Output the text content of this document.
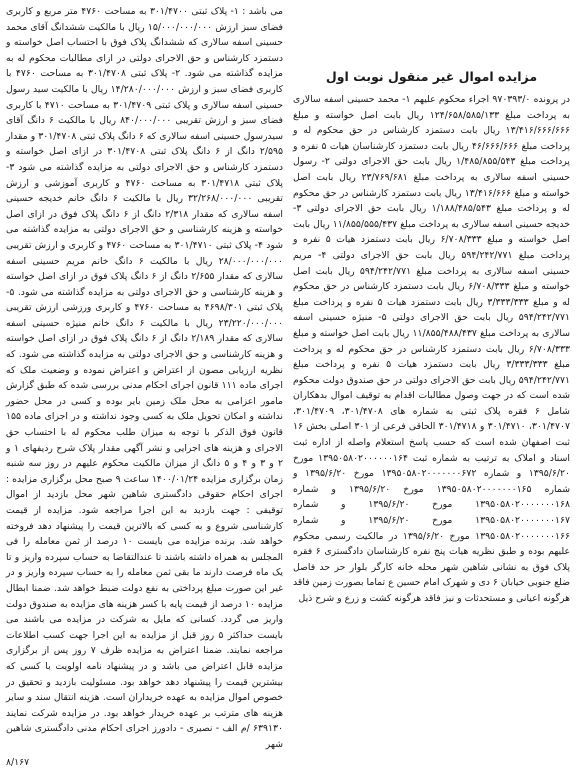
مزایده اموال غیر منقول نوبت اول

در پرونده ۹۷۰۳۹۳/۰ اجراء محکوم علیهم ۱- محمد حسینی اسفه سالاری به پرداخت مبلغ ۱۲۴/۶۵۸/۵۸۵/۱۳۳ ریال بابت اصل خواسته و مبلغ ۱۳/۴۱۶/۶۶۶/۶۶۶ ریال بابت دستمزد کارشناس در حق محکوم له و پرداخت مبلغ ۴۶/۶۶۶/۶۶۶ ریال بابت دستمزد کارشناسان هیات ۵ نفره و پرداخت مبلغ ۱/۴۸۵/۸۵۵/۵۴۳ ریال بابت حق الاجرای دولتی ۲- رسول حسینی اسفه سالاری به پرداخت مبلغ ۲۳/۷۶۹/۶۸۱ ریال بابت اصل خواسته و مبلغ ۱۳/۴۱۶/۶۶۶ ریال بابت دستمزد کارشناس در حق محکوم له و پرداخت مبلغ ۱/۱۸۸/۴۸۵/۵۴۳ ریال بابت حق الاجرای دولتی ۳- خدیجه حسینی اسفه سالاری به پرداخت مبلغ ۱۱/۸۵۵/۵۵۵/۴۳۷ ریال بابت اصل خواسته و مبلغ ۶/۷۰۸/۳۳۳ ریال بابت دستمزد هیات ۵ نفره و پرداخت مبلغ ۵۹۴/۲۴۲/۷۷۱ ریال بابت حق الاجرای دولتی ۴- مریم حسینی اسفه سالاری به پرداخت مبلغ ۵۹۴/۲۴۲/۷۷۱ ریال بابت اصل خواسته و مبلغ ۶/۷۰۸/۳۳۳ ریال بابت دستمزد کارشناس در حق محکوم له و مبلغ ۳/۳۳۳/۳۳۳ ریال بابت دستمزد هیات ۵ نفره و پرداخت مبلغ ۵۹۴/۲۴۲/۷۷۱ ریال بابت حق الاجرای دولتی ۵- منیژه حسینی اسفه سالاری به پرداخت مبلغ ۱۱/۸۵۵/۴۸۸/۴۳۷ ریال بابت اصل خواسته و مبلغ ۶/۷۰۸/۳۳۳ ریال بابت دستمزد کارشناس در حق محکوم له و پرداخت مبلغ ۳/۳۳۳/۳۳۳ ریال بابت دستمزد هیات ۵ نفره و پرداخت مبلغ ۵۹۴/۲۴۲/۷۷۱ ریال بابت حق الاجرای دولتی در حق صندوق دولت محکوم شده است که در جهت وصول مطالبات اقدام به توقیف اموال بدهکاران شامل ۶ فقره پلاک ثبتی به شماره های ۳۰۱/۴۷۰۸، ۳۰۱/۴۷۰۹، ۳۰۱/۴۷۰۷، ۳۰۱/۴۷۱۰ و ۳۰۱/۴۷۱۸ الحاقی فرعی از ۳۰۱ اصلی بخش ۱۶ ثبت اصفهان شده است که حسب پاسخ استعلام واصله از اداره ثبت اسناد و املاک به ترتیب به شماره ثبت ۱۳۹۵۰۵۸۰۲۰۰۰۰۰۰۱۶۴ مورخ ۱۳۹۵/۶/۲۰ و شماره ۱۳۹۵۰۵۸۰۲۰۰۰۰۰۰۰۶۷۲ مورخ ۱۳۹۵/۶/۲۰ و شماره ۱۳۹۵۰۵۸۰۲۰۰۰۰۰۰۰۱۶۵ مورخ ۱۳۹۵/۶/۲۰ و شماره ۱۳۹۵۰۵۸۰۲۰۰۰۰۰۰۰۱۶۸ مورخ ۱۳۹۵/۶/۲۰ و شماره ۱۳۹۵۰۵۸۰۲۰۰۰۰۰۰۰۱۶۷ مورخ ۱۳۹۵/۶/۲۰ و شماره ۱۳۹۵۰۵۸۰۲۰۰۰۰۰۰۰۱۶۶ مورخ ۱۳۹۵/۶/۲۰ در مالکیت رسمی محکوم علیهم بوده و طبق نظریه هیات پنج نفره کارشناسان دادگستری ۶ فقره پلاک فوق به نشانی شاهین شهر محله خانه کارگر بلوار حر حد فاصل ضلع جنوبی خیابان ۶ دی و شهرک امام حسین ع تماما بصورت زمین فاقد هرگونه اعیانی و مستحدثات و نیز فاقد هرگونه کشت و زرع و شرح ذیل

می باشد : ۱- پلاک ثبتی ۳۰۱/۴۷۰۰ به مساحت ۴۷۶۰ متر مربع و کاربری فضای سبز ارزش ۱۵/۰۰۰/۰۰۰/۰۰۰ ریال با مالکیت ششدانگ آقای محمد حسینی اسفه سالاری که ششدانگ پلاک فوق با احتساب اصل خواسته و دستمزد کارشناس و حق الاجرای دولتی در ازای مطالبات محکوم له به مزایده گذاشته می شود. ۲- پلاک ثبتی ۳۰۱/۴۷۰۸ به مساحت ۴۷۶۰ با کاربری فضای سبز و ارزش ۱۴/۲۸۰/۰۰۰/۰۰۰ ریال با مالکیت سید رسول حسینی اسفه سالاری و پلاک ثبتی ۳۰۱/۴۷۰۹ به مساحت ۴۷۱۰ با کاربری فضای سبز و ارزش تقریبی ۸۴۰/۰۰۰/۰۰۰ ریال با مالکیت ۶ دانگ آقای سیدرسول حسینی اسفه سالاری که ۶ دانگ پلاک ثبتی ۳۰۱/۴۷۰۸ و مقدار ۲/۵۹۵ دانگ از ۶ دانگ پلاک ثبتی ۳۰۱/۴۷۰۸ در ازای اصل خواسته و دستمزد کارشناس و حق الاجرای دولتی به مزایده گذاشته می شود ۳- پلاک ثبتی ۳۰۱/۴۷۱۸ به مساحت ۴۷۶۰ و کاربری آموزشی و ارزش تقریبی ۳۲/۲۶۸/۰۰۰/۰۰۰ ریال با مالکیت ۶ دانگ خانم خدیجه حسینی اسفه سالاری که مقدار ۲/۳۱۸ دانگ از ۶ دانگ پلاک فوق در ازای اصل خواسته و هزینه کارشناسی و حق الاجرای دولتی به مزایده گذاشته می شود ۴- پلاک ثبتی ۳۰۱/۴۷۱۰ به مساحت ۴۷۶۰ و کاربری و ارزش تقریبی ۲۸/۰۰۰/۰۰۰/۰۰۰ ریال با مالکیت ۶ دانگ خانم مریم حسینی اسفه سالاری که مقدار ۲/۶۵۵ دانگ از ۶ دانگ پلاک فوق در ازای اصل خواسته و هزینه کارشناسی و حق الاجرای دولتی به مزایده گذاشته می شود. ۵- پلاک ثبتی ۴۶۹۸/۳۰۱ به مساحت ۴۷۶۰ و کاربری ورزشی ارزش تقریبی ۲۳/۲۲۰/۰۰۰/۰۰۰ ریال با مالکیت ۶ دانگ خانم منیژه حسینی اسفه سالاری که مقدار ۲/۱۸۹ دانگ از ۶ دانگ پلاک فوق در ازای اصل خواسته و هزینه کارشناسی و حق الاجرای دولتی به مزایده گذاشته می شود. که نظریه ارزیابی مصون از اعتراض و اعتراض نموده و وضعیت ملک که اجرای ماده ۱۱۱ قانون اجرای احکام مدنی بررسی شده که طبق گزارش مامور اعزامی به محل ملک زمین بایر بوده و کسی در محل حضور نداشته و امکان تحویل ملک به کسی وجود نداشته و در اجرای ماده ۱۵۵ قانون فوق الذکر با توجه به میزان طلب محکوم له با احتساب حق الاجرای و هزینه های اجرایی و نشر آگهی مقدار پلاک شرح ردیفهای ۱ و ۲ و ۳ و ۴ و ۵ دانگ از میزان مالکیت محکوم علیهم در روز سه شنبه زمان برگزاری مزایده ۱۴۰۰/۰۱/۲۴ ساعت ۹ صبح محل برگزاری مزایده : اجرای احکام حقوقی دادگستری شاهین شهر محل بازدید از اموال توقیفی : جهت بازدید به این اجرا مراجعه شود. مزایده از قیمت کارشناسی شروع و به کسی که بالاترین قیمت را پیشنهاد دهد فروخته خواهد شد. برنده مزایده می بایست ۱۰ درصد از ثمن معامله را فی المجلس به همراه داشته باشند تا عندالتقاضا به حساب سپرده واریز و تا یک ماه فرصت دارند ما بقی ثمن معامله را به حساب سپرده واریز و در غیر این صورت مبلغ پرداختی به نفع دولت ضبط خواهد شد. ضمنا ابطال مزایده ۱۰ درصد از قیمت پایه با کسر هزینه های مزایده به صندوق دولت واریز می گردد. کسانی که مایل به شرکت در مزایده می باشند می بایست حداکثر ۵ روز قبل از مزایده به این اجرا جهت کسب اطلاعات مراجعه نمایند. ضمنا اعتراض به مزایده ظرف ۷ روز پس از برگزاری مزایده قابل اعتراض می باشد و در پیشنهاد نامه اولویت با کسی که بیشترین قیمت را پیشنهاد دهد خواهد بود. مسئولیت بازدید و تحقیق در خصوص اموال مزایده به عهده خریداران است. هزینه انتقال سند و سایر هزینه های مترتب بر عهده خریدار خواهد بود. در مزایده شرکت نمایند ۶۳۹۱۳۰ /م الف - نصیری - دادورز اجرای احکام مدنی دادگستری شاهین شهر

۸/۱۶۷
